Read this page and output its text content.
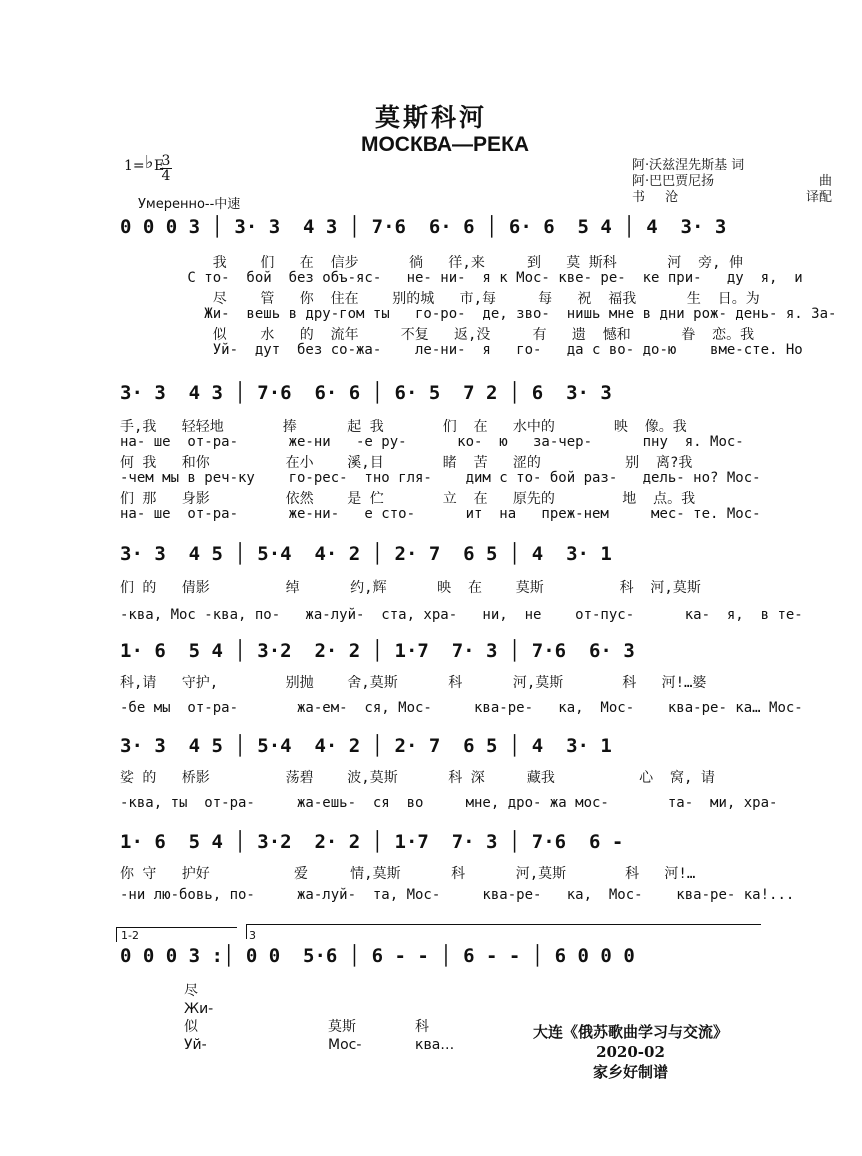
莫斯科河
МОСКВА—РЕКА
阿·沃兹涅先斯基 词
阿·巴巴贾尼扬	曲
书 沧	译配
1= ♭ E
3
4
Умеренно--中速
0 0 0 3 │ 3· 3  4 3 │ 7·6  6· 6 │ 6· 6  5 4 │ 4  3· 3
我    们   在  信步      徜   徉,来     到   莫 斯科      河  旁, 伸
С то-  бой  без объ-яс-   не- ни-  я к Мос- кве- ре-  ке при-   ду  я,  и
尽    管   你  住在    别的城   市,每     每   祝  福我      生  日。为
Жи-  вешь в дру-гом ты   го-ро-  де, зво-  нишь мне в дни рож- день- я. За-
似    水   的  流年     不复   返,没     有   遗  憾和      眷  恋。我
Уй-  дут  без со-жа-    ле-ни-  я   го-   да с во- до-ю    вме-сте. Но
3· 3  4 3 │ 7·6  6· 6 │ 6· 5  7 2 │ 6  3· 3
手,我   轻轻地       捧      起 我       们  在   水中的       映  像。我
на- ше  от-ра-      же-ни   -е ру-      ко-  ю   за-чер-      пну  я. Мос-
何 我   和你         在小    溪,目       睹  苦   涩的          别  离?我
-чем мы в реч-ку    го-рес-  тно гля-    дим с то- бой раз-   дель- но? Мос-
们 那   身影         依然    是 伫       立  在   原先的        地  点。我
на- ше  от-ра-      же-ни-   е сто-      ит  на   преж-нем     мес- те. Мос-
3· 3  4 5 │ 5·4  4· 2 │ 2· 7  6 5 │ 4  3· 1
们 的   倩影         绰      约,辉      映  在    莫斯         科  河,莫斯
-ква, Мос -ква, по-   жа-луй-  ста, хра-   ни,  не    от-пус-      ка-  я,  в те-
1· 6  5 4 │ 3·2  2· 2 │ 1·7  7· 3 │ 7·6  6· 3
科,请   守护,        别抛    舍,莫斯      科      河,莫斯       科   河!…婆
-бе мы  от-ра-       жа-ем-  ся, Мос-     ква-ре-   ка,  Мос-    ква-ре- ка… Мос-
3· 3  4 5 │ 5·4  4· 2 │ 2· 7  6 5 │ 4  3· 1
娑 的   桥影         荡碧    波,莫斯      科 深     藏我          心  窝, 请
-ква, ты  от-ра-     жа-ешь-  ся  во     мне, дро- жа мос-       та-  ми, хра-
1· 6  5 4 │ 3·2  2· 2 │ 1·7  7· 3 │ 7·6  6 -
你 守   护好          爱     情,莫斯      科      河,莫斯       科   河!…
-ни лю-бовь, по-     жа-луй-  та, Мос-     ква-ре-   ка,  Мос-    ква-ре- ка!...
1-2	3
0 0 0 3 :│ 0 0  5·6 │ 6 - - │ 6 - - │ 6 0 0 0
尽
Жи-
似
Уй-
莫斯
Мос-
科
ква…
大连《俄苏歌曲学习与交流》
2020-02
家乡好制谱
